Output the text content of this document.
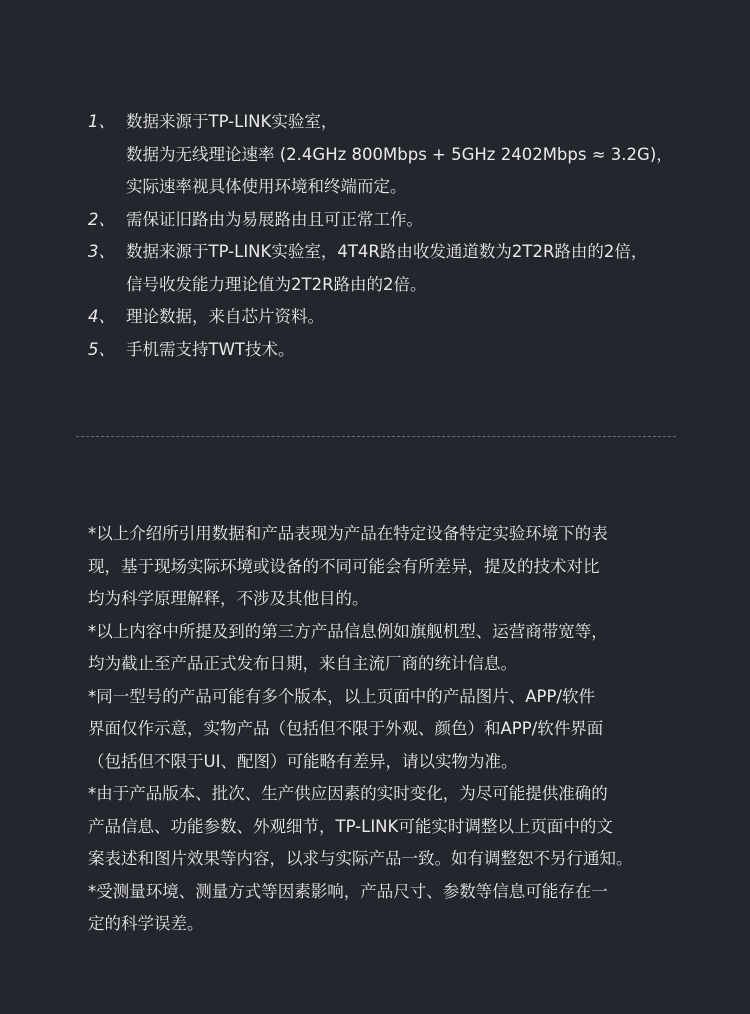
1、 数据来源于TP-LINK实验室，
数据为无线理论速率 (2.4GHz 800Mbps + 5GHz 2402Mbps ≈ 3.2G)，
实际速率视具体使用环境和终端而定。
2、 需保证旧路由为易展路由且可正常工作。
3、 数据来源于TP-LINK实验室，4T4R路由收发通道数为2T2R路由的2倍，
信号收发能力理论值为2T2R路由的2倍。
4、 理论数据，来自芯片资料。
5、 手机需支持TWT技术。
*以上介绍所引用数据和产品表现为产品在特定设备特定实验环境下的表
现，基于现场实际环境或设备的不同可能会有所差异，提及的技术对比
均为科学原理解释，不涉及其他目的。
*以上内容中所提及到的第三方产品信息例如旗舰机型、运营商带宽等，
均为截止至产品正式发布日期，来自主流厂商的统计信息。
*同一型号的产品可能有多个版本，以上页面中的产品图片、APP/软件
界面仅作示意，实物产品（包括但不限于外观、颜色）和APP/软件界面
（包括但不限于UI、配图）可能略有差异，请以实物为准。
*由于产品版本、批次、生产供应因素的实时变化，为尽可能提供准确的
产品信息、功能参数、外观细节，TP-LINK可能实时调整以上页面中的文
案表述和图片效果等内容，以求与实际产品一致。如有调整恕不另行通知。
*受测量环境、测量方式等因素影响，产品尺寸、参数等信息可能存在一
定的科学误差。
